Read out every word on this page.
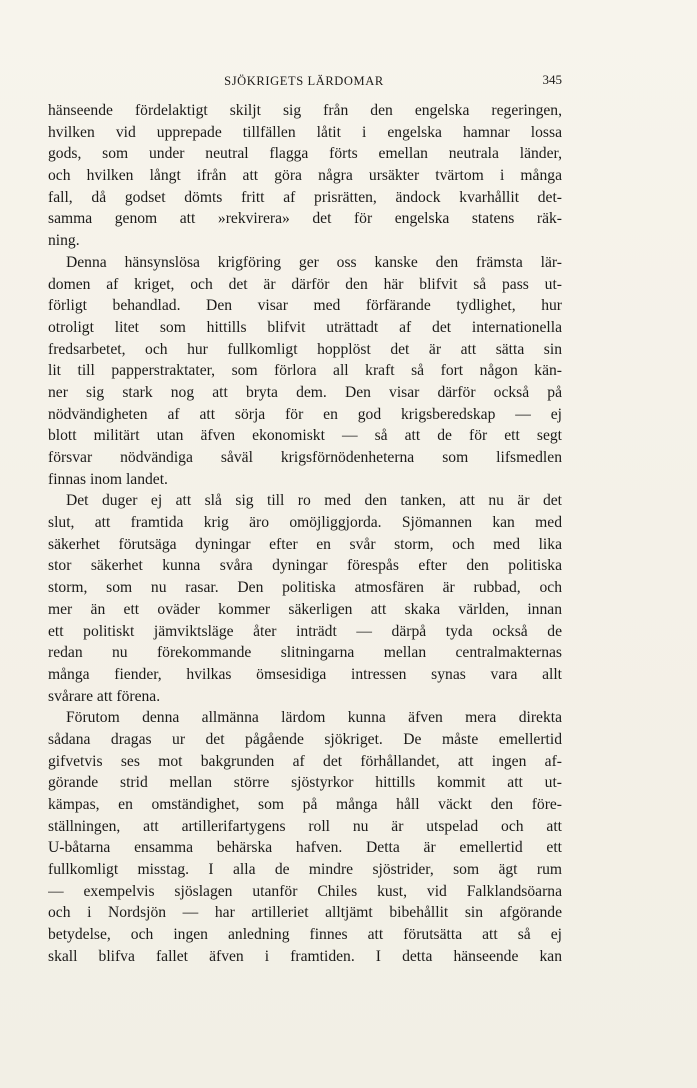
SJÖKRIGETS LÄRDOMAR	345
hänseende fördelaktigt skiljt sig från den engelska regeringen,
hvilken vid upprepade tillfällen låtit i engelska hamnar lossa
gods, som under neutral flagga förts emellan neutrala länder,
och hvilken långt ifrån att göra några ursäkter tvärtom i många
fall, då godset dömts fritt af prisrätten, ändock kvarhållit det-
samma genom att »rekvirera» det för engelska statens räk-
ning.
Denna hänsynslösa krigföring ger oss kanske den främsta lär-
domen af kriget, och det är därför den här blifvit så pass ut-
förligt behandlad. Den visar med förfärande tydlighet, hur
otroligt litet som hittills blifvit uträttadt af det internationella
fredsarbetet, och hur fullkomligt hopplöst det är att sätta sin
lit till papperstraktater, som förlora all kraft så fort någon kän-
ner sig stark nog att bryta dem. Den visar därför också på
nödvändigheten af att sörja för en god krigsberedskap — ej
blott militärt utan äfven ekonomiskt — så att de för ett segt
försvar nödvändiga såväl krigsförnödenheterna som lifsmedlen
finnas inom landet.
Det duger ej att slå sig till ro med den tanken, att nu är det
slut, att framtida krig äro omöjliggjorda. Sjömannen kan med
säkerhet förutsäga dyningar efter en svår storm, och med lika
stor säkerhet kunna svåra dyningar förespås efter den politiska
storm, som nu rasar. Den politiska atmosfären är rubbad, och
mer än ett oväder kommer säkerligen att skaka världen, innan
ett politiskt jämviktsläge åter inträdt — därpå tyda också de
redan nu förekommande slitningarna mellan centralmakternas
många fiender, hvilkas ömsesidiga intressen synas vara allt
svårare att förena.
Förutom denna allmänna lärdom kunna äfven mera direkta
sådana dragas ur det pågående sjökriget. De måste emellertid
gifvetvis ses mot bakgrunden af det förhållandet, att ingen af-
görande strid mellan större sjöstyrkor hittills kommit att ut-
kämpas, en omständighet, som på många håll väckt den före-
ställningen, att artillerifartygens roll nu är utspelad och att
U-båtarna ensamma behärska hafven. Detta är emellertid ett
fullkomligt misstag. I alla de mindre sjöstrider, som ägt rum
— exempelvis sjöslagen utanför Chiles kust, vid Falklandsöarna
och i Nordsjön — har artilleriet alltjämt bibehållit sin afgörande
betydelse, och ingen anledning finnes att förutsätta att så ej
skall blifva fallet äfven i framtiden. I detta hänseende kan
